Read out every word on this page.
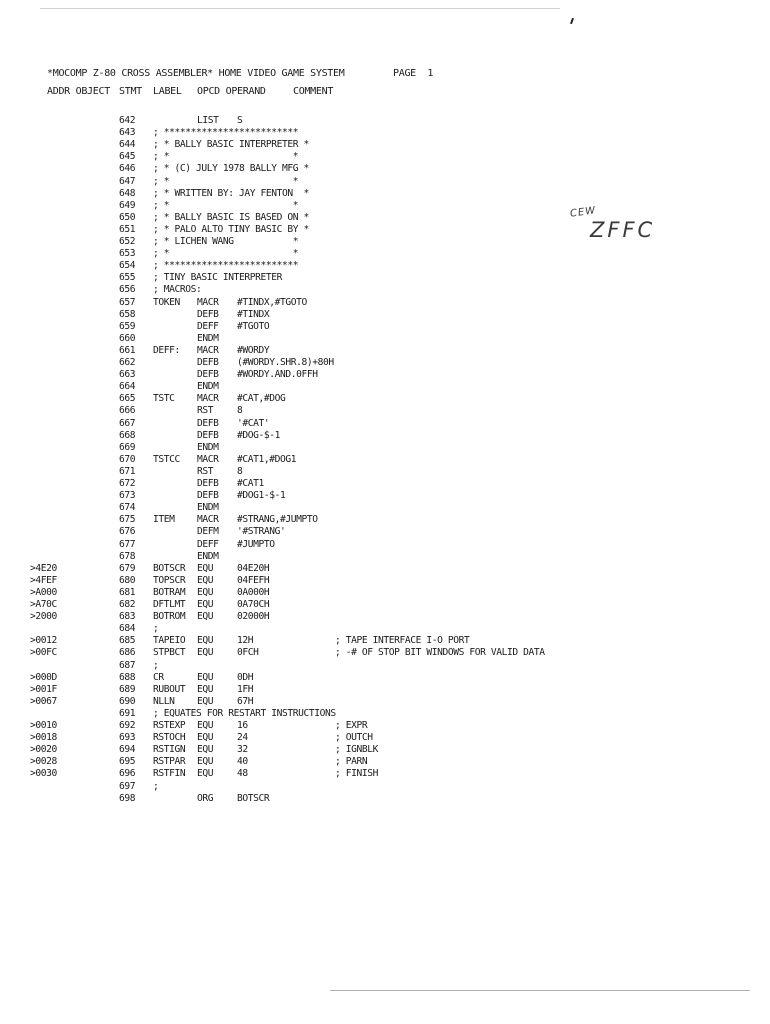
*MOCOMP Z-80 CROSS ASSEMBLER* HOME VIDEO GAME SYSTEM

	PAGE  1

ADDR OBJECT STMT LABEL OPCD OPERAND	COMMENT
642	LIST S
643 ; *************************
644 ; * BALLY BASIC INTERPRETER *
645 ; *                       *
646 ; * (C) JULY 1978 BALLY MFG *
647 ; *                       *
648 ; * WRITTEN BY: JAY FENTON  *
649 ; *                       *
650 ; * BALLY BASIC IS BASED ON *
651 ; * PALO ALTO TINY BASIC BY *
652 ; * LICHEN WANG           *
653 ; *                       *
654 ; *************************
655 ; TINY BASIC INTERPRETER
656 ; MACROS:
657 TOKEN MACR #TINDX,#TGOTO
658	DEFB #TINDX
659	DEFF #TGOTO
660	ENDM
661 DEFF: MACR #WORDY
662	DEFB (#WORDY.SHR.8)+80H
663	DEFB #WORDY.AND.0FFH
664	ENDM
665 TSTC MACR #CAT,#DOG
666	RST 8
667	DEFB '#CAT'
668	DEFB #DOG-$-1
669	ENDM
670 TSTCC MACR #CAT1,#DOG1
671	RST 8
672	DEFB #CAT1
673	DEFB #DOG1-$-1
674	ENDM
675 ITEM MACR #STRANG,#JUMPTO
676	DEFM '#STRANG'
677	DEFF #JUMPTO
678	ENDM
>4E20	679 BOTSCR EQU 04E20H
>4FEF	680 TOPSCR EQU 04FEFH
>A000	681 BOTRAM EQU 0A000H
>A70C	682 DFTLMT EQU 0A70CH
>2000	683 BOTROM EQU 02000H
684 ;
>0012	685 TAPEIO EQU 12H	; TAPE INTERFACE I-O PORT
>00FC	686 STPBCT EQU 0FCH	; -# OF STOP BIT WINDOWS FOR VALID DATA
687 ;
>000D	688 CR	EQU 0DH
>001F	689 RUBOUT EQU 1FH
>0067	690 NLLN EQU 67H
691 ; EQUATES FOR RESTART INSTRUCTIONS
>0010	692 RSTEXP EQU 16	; EXPR
>0018	693 RSTOCH EQU 24	; OUTCH
>0020	694 RSTIGN EQU 32	; IGNBLK
>0028	695 RSTPAR EQU 40	; PARN
>0030	696 RSTFIN EQU 48	; FINISH
697 ;
698	ORG BOTSCR
CEW
ZFFC
